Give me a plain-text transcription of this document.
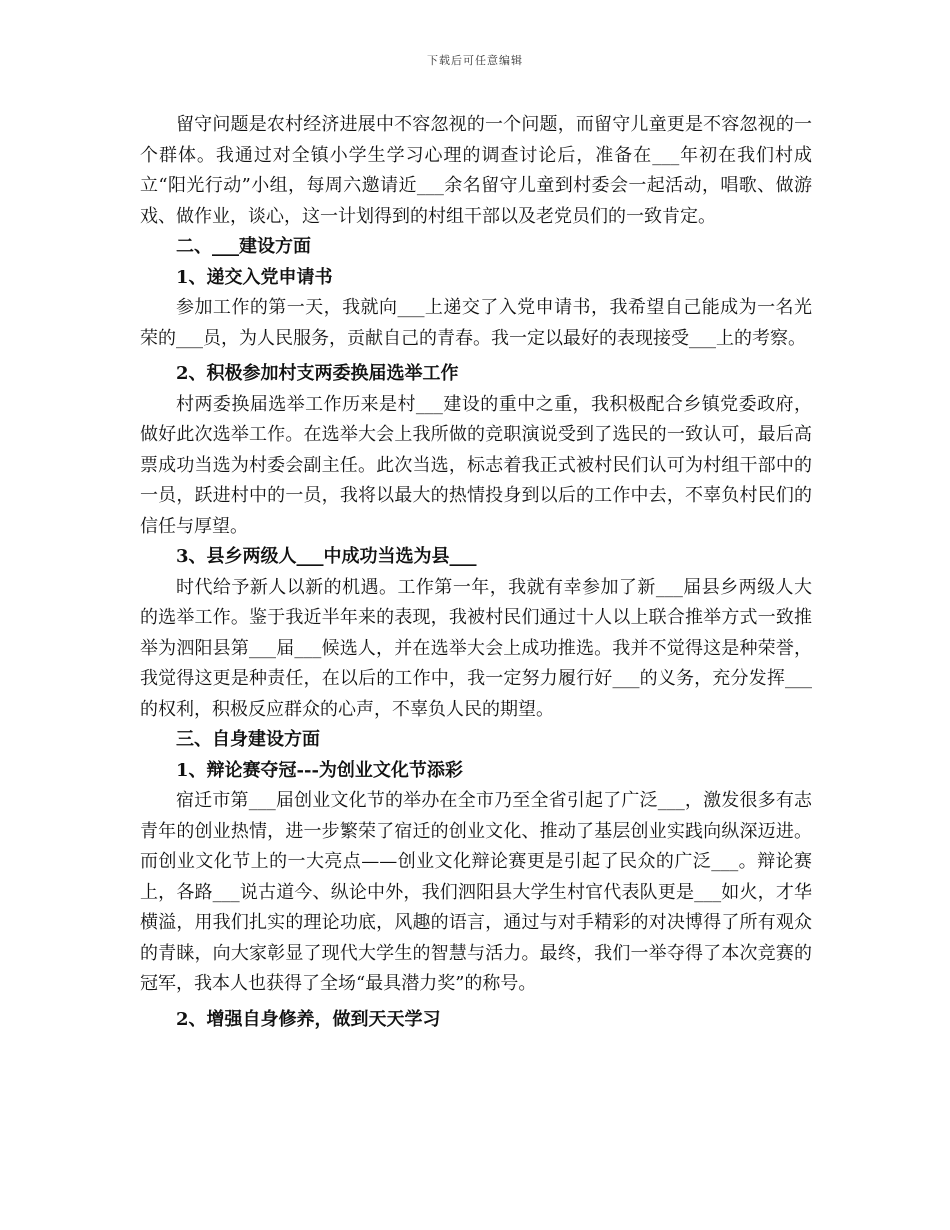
下载后可任意编辑

留守问题是农村经济进展中不容忽视的一个问题，而留守儿童更是不容忽视的一个群体。我通过对全镇小学生学习心理的调查讨论后，准备在___年初在我们村成立“阳光行动”小组，每周六邀请近___余名留守儿童到村委会一起活动，唱歌、做游戏、做作业，谈心，这一计划得到的村组干部以及老党员们的一致肯定。

二、___建设方面

1、递交入党申请书

参加工作的第一天，我就向___上递交了入党申请书，我希望自己能成为一名光荣的___员，为人民服务，贡献自己的青春。我一定以最好的表现接受___上的考察。

2、积极参加村支两委换届选举工作

村两委换届选举工作历来是村___建设的重中之重，我积极配合乡镇党委政府，做好此次选举工作。在选举大会上我所做的竞职演说受到了选民的一致认可，最后高票成功当选为村委会副主任。此次当选，标志着我正式被村民们认可为村组干部中的一员，跃进村中的一员，我将以最大的热情投身到以后的工作中去，不辜负村民们的信任与厚望。

3、县乡两级人___中成功当选为县___

时代给予新人以新的机遇。工作第一年，我就有幸参加了新___届县乡两级人大的选举工作。鉴于我近半年来的表现，我被村民们通过十人以上联合推举方式一致推举为泗阳县第___届___候选人，并在选举大会上成功推选。我并不觉得这是种荣誉，我觉得这更是种责任，在以后的工作中，我一定努力履行好___的义务，充分发挥___的权利，积极反应群众的心声，不辜负人民的期望。

三、自身建设方面

1、辩论赛夺冠---为创业文化节添彩

宿迁市第___届创业文化节的举办在全市乃至全省引起了广泛___，激发很多有志青年的创业热情，进一步繁荣了宿迁的创业文化、推动了基层创业实践向纵深迈进。而创业文化节上的一大亮点——创业文化辩论赛更是引起了民众的广泛___。辩论赛上，各路___说古道今、纵论中外，我们泗阳县大学生村官代表队更是___如火，才华横溢，用我们扎实的理论功底，风趣的语言，通过与对手精彩的对决博得了所有观众的青睐，向大家彰显了现代大学生的智慧与活力。最终，我们一举夺得了本次竞赛的冠军，我本人也获得了全场“最具潜力奖”的称号。

2、增强自身修养，做到天天学习
